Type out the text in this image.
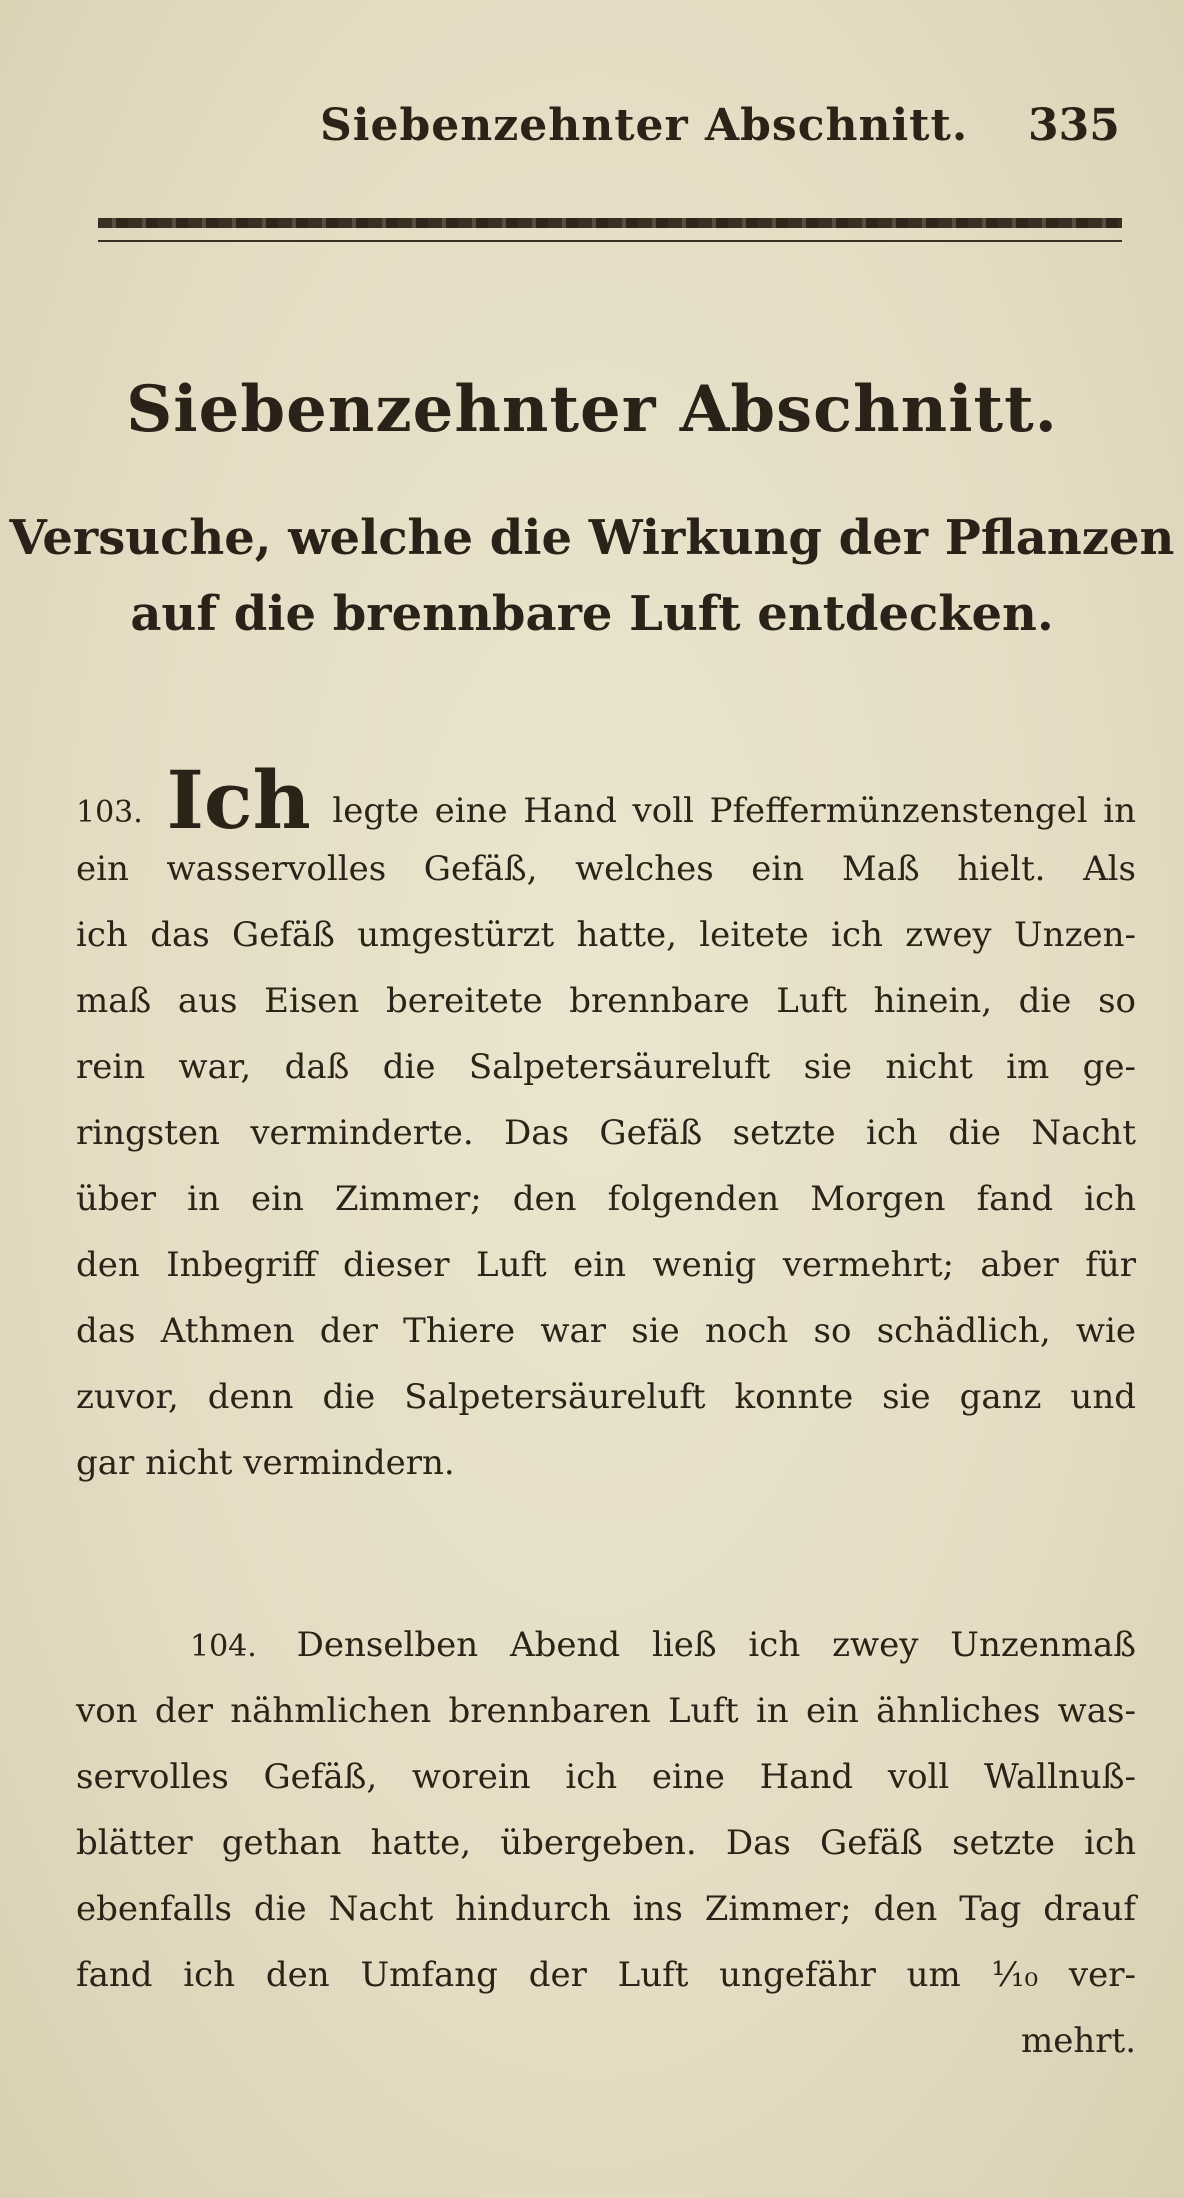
Siebenzehnter Abschnitt. 335
Siebenzehnter Abschnitt.
Versuche, welche die Wirkung der Pflanzen
auf die brennbare Luft entdecken.
103. Ich legte eine Hand voll Pfeffermünzenstengel in
ein wasservolles Gefäß, welches ein Maß hielt. Als
ich das Gefäß umgestürzt hatte, leitete ich zwey Unzen-
maß aus Eisen bereitete brennbare Luft hinein, die so
rein war, daß die Salpetersäureluft sie nicht im ge-
ringsten verminderte. Das Gefäß setzte ich die Nacht
über in ein Zimmer; den folgenden Morgen fand ich
den Inbegriff dieser Luft ein wenig vermehrt; aber für
das Athmen der Thiere war sie noch so schädlich, wie
zuvor, denn die Salpetersäureluft konnte sie ganz und
gar nicht vermindern.
104. Denselben Abend ließ ich zwey Unzenmaß
von der nähmlichen brennbaren Luft in ein ähnliches was-
servolles Gefäß, worein ich eine Hand voll Wallnuß-
blätter gethan hatte, übergeben. Das Gefäß setzte ich
ebenfalls die Nacht hindurch ins Zimmer; den Tag drauf
fand ich den Umfang der Luft ungefähr um ¹⁄₁₀ ver-
mehrt.
